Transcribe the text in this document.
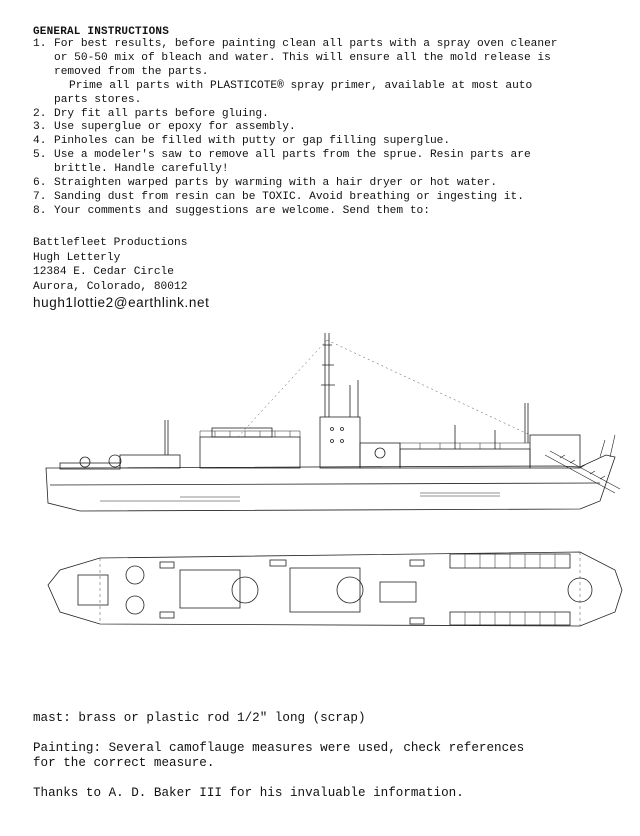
GENERAL INSTRUCTIONS
1. For best results, before painting clean all parts with a spray oven cleaner
or 50-50 mix of bleach and water. This will ensure all the mold release is
removed from the parts.
Prime all parts with PLASTICOTE® spray primer, available at most auto
parts stores.
2. Dry fit all parts before gluing.
3. Use superglue or epoxy for assembly.
4. Pinholes can be filled with putty or gap filling superglue.
5. Use a modeler's saw to remove all parts from the sprue. Resin parts are
brittle. Handle carefully!
6. Straighten warped parts by warming with a hair dryer or hot water.
7. Sanding dust from resin can be TOXIC. Avoid breathing or ingesting it.
8. Your comments and suggestions are welcome. Send them to:
Battlefleet Productions
Hugh Letterly
12384 E. Cedar Circle
Aurora, Colorado, 80012
hugh1lottie2@earthlink.net

mast: brass or plastic rod 1/2" long (scrap)

Painting: Several camoflauge measures were used, check references
for the correct measure.

Thanks to A. D. Baker III for his invaluable information.
